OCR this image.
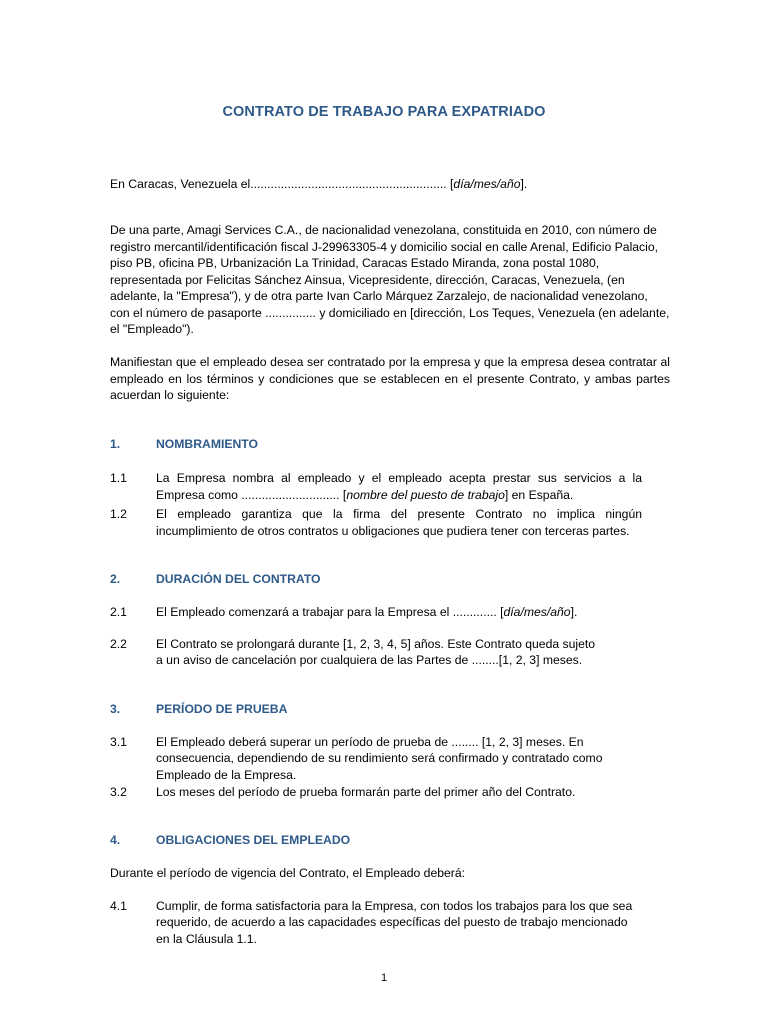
CONTRATO DE TRABAJO PARA EXPATRIADO

En Caracas, Venezuela el.......................................................... [día/mes/año].

De una parte, Amagi Services C.A., de nacionalidad venezolana, constituida en 2010, con número de registro mercantil/identificación fiscal J-29963305-4 y domicilio social en calle Arenal, Edificio Palacio, piso PB, oficina PB, Urbanización La Trinidad, Caracas Estado Miranda, zona postal 1080, representada por Felicitas Sánchez Ainsua, Vicepresidente, dirección, Caracas, Venezuela, (en adelante, la "Empresa"), y de otra parte Ivan Carlo Márquez Zarzalejo, de nacionalidad venezolano, con el número de pasaporte ............... y domiciliado en [dirección, Los Teques, Venezuela (en adelante, el "Empleado").

Manifiestan que el empleado desea ser contratado por la empresa y que la empresa desea contratar al empleado en los términos y condiciones que se establecen en el presente Contrato, y ambas partes acuerdan lo siguiente:

1.	NOMBRAMIENTO
1.1 La Empresa nombra al empleado y el empleado acepta prestar sus servicios a la Empresa como ............................. [nombre del puesto de trabajo] en España.

1.2 El empleado garantiza que la firma del presente Contrato no implica ningún incumplimiento de otros contratos u obligaciones que pudiera tener con terceras partes.

2.	DURACIÓN DEL CONTRATO
2.1 El Empleado comenzará a trabajar para la Empresa el ............. [día/mes/año].

2.2 El Contrato se prolongará durante [1, 2, 3, 4, 5] años. Este Contrato queda sujeto

a un aviso de cancelación por cualquiera de las Partes de ........[1, 2, 3] meses.

3.	PERÍODO DE PRUEBA
3.1 El Empleado deberá superar un período de prueba de ........ [1, 2, 3] meses. En

consecuencia, dependiendo de su rendimiento será confirmado y contratado como

Empleado de la Empresa.

3.2 Los meses del período de prueba formarán parte del primer año del Contrato.

4.	OBLIGACIONES DEL EMPLEADO

Durante el período de vigencia del Contrato, el Empleado deberá:

4.1 Cumplir, de forma satisfactoria para la Empresa, con todos los trabajos para los que sea

requerido, de acuerdo a las capacidades específicas del puesto de trabajo mencionado

en la Cláusula 1.1.

1
